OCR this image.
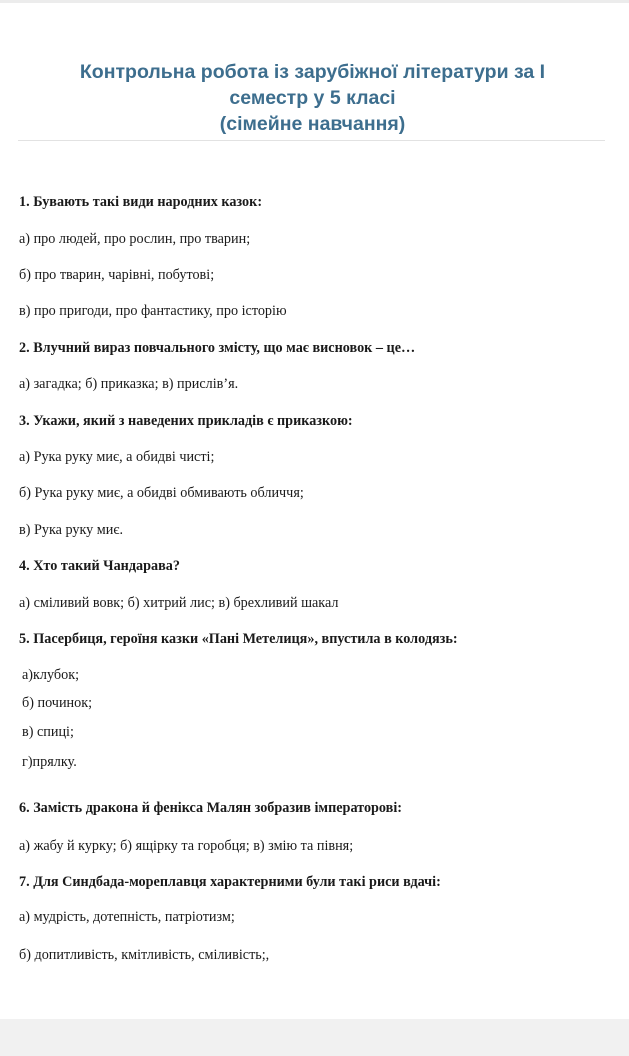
Контрольна робота із зарубіжної літератури за І
семестр у 5 класі
(сімейне навчання)
1. Бувають такі види народних казок:
а) про людей, про рослин, про тварин;
б) про тварин, чарівні, побутові;
в) про пригоди, про фантастику, про історію
2. Влучний вираз повчального змісту, що має висновок – це…
а) загадка; б) приказка; в) прислів’я.
3. Укажи, який з наведених прикладів є приказкою:
а) Рука руку миє, а обидві чисті;
б) Рука руку миє, а обидві обмивають обличчя;
в) Рука руку миє.
4. Хто такий Чандарава?
а) сміливий вовк; б) хитрий лис; в) брехливий шакал
5. Пасербиця, героїня казки «Пані Метелиця», впустила в колодязь:
а)клубок;
б) починок;
в) спиці;
г)прялку.
6. Замість дракона й фенікса Малян зобразив імператорові:
а) жабу й курку; б) ящірку та горобця; в) змію та півня;
7. Для Синдбада-мореплавця характерними були такі риси вдачі:
а) мудрість, дотепність, патріотизм;
б) допитливість, кмітливість, сміливість;,
